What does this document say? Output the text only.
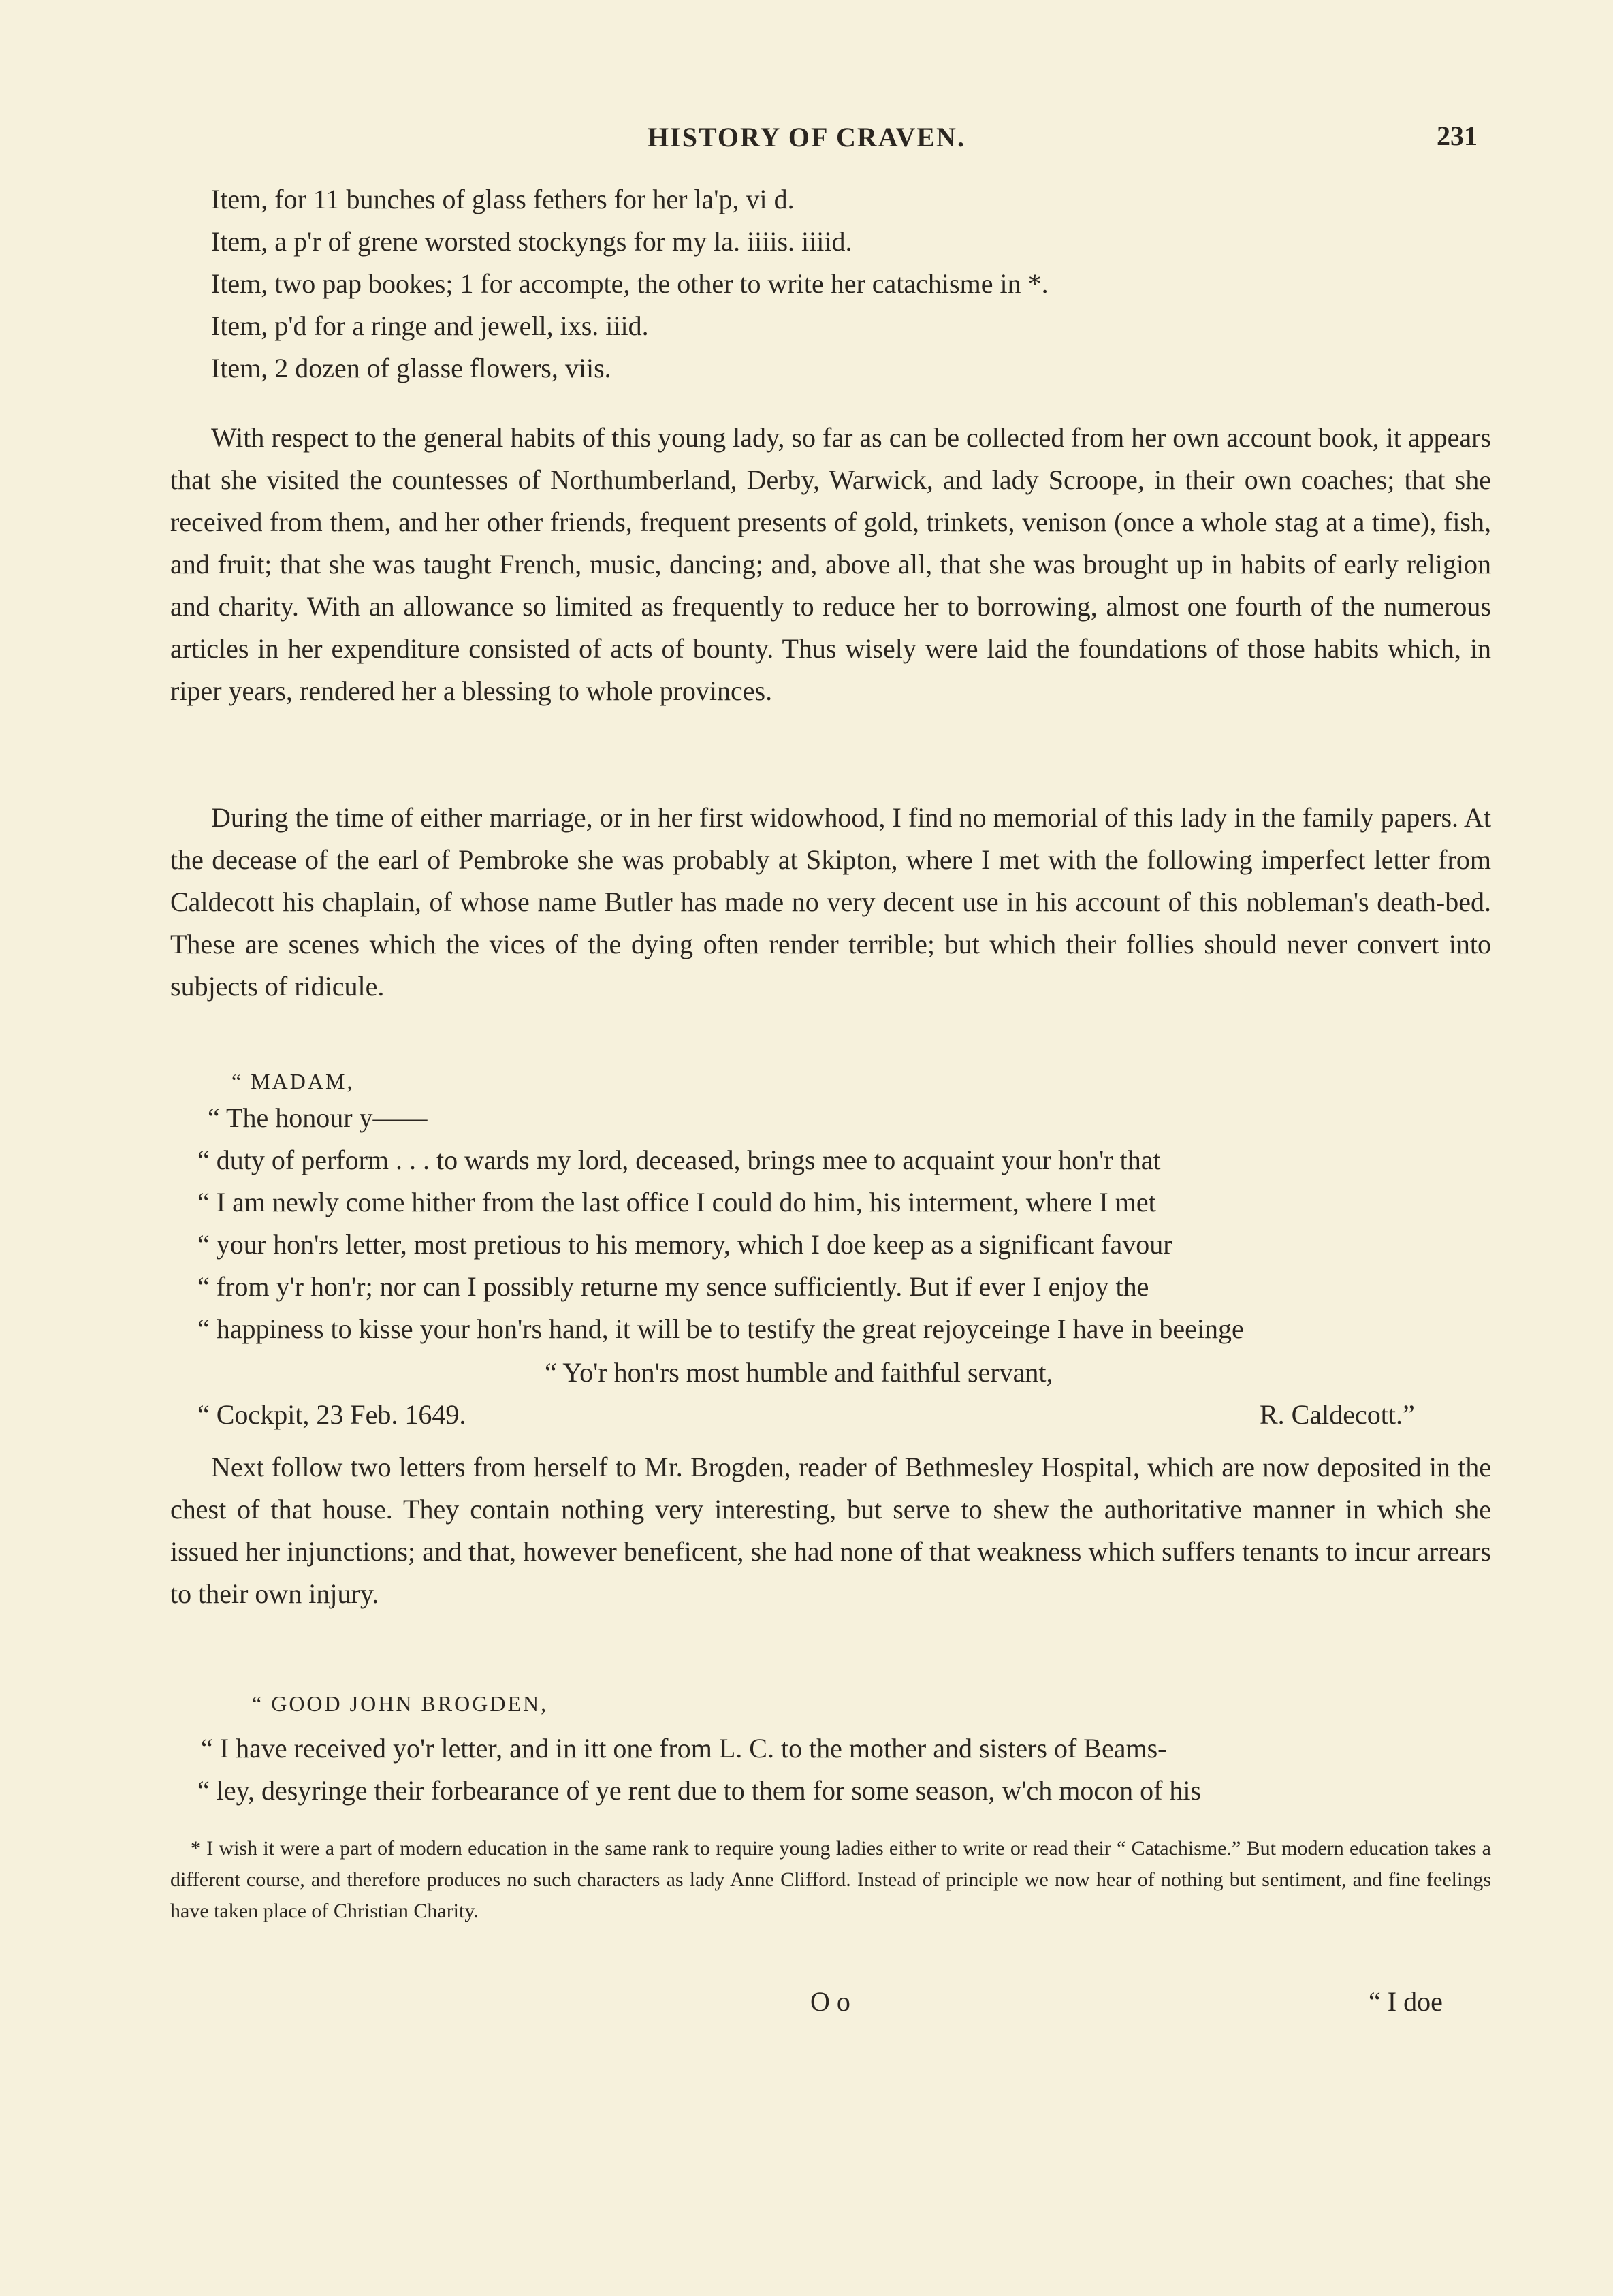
HISTORY OF CRAVEN.	231
Item, for 11 bunches of glass fethers for her la'p, vi d.
Item, a p'r of grene worsted stockyngs for my la. iiiis. iiiid.
Item, two pap bookes; 1 for accompte, the other to write her catachisme in *.
Item, p'd for a ringe and jewell, ixs. iiid.
Item, 2 dozen of glasse flowers, viis.

With respect to the general habits of this young lady, so far as can be collected from her own account book, it appears that she visited the countesses of Northumberland, Derby, Warwick, and lady Scroope, in their own coaches; that she received from them, and her other friends, frequent presents of gold, trinkets, venison (once a whole stag at a time), fish, and fruit; that she was taught French, music, dancing; and, above all, that she was brought up in habits of early religion and charity. With an allowance so limited as frequently to reduce her to borrowing, almost one fourth of the numerous articles in her expenditure consisted of acts of bounty. Thus wisely were laid the foundations of those habits which, in riper years, rendered her a blessing to whole provinces.

During the time of either marriage, or in her first widowhood, I find no memorial of this lady in the family papers. At the decease of the earl of Pembroke she was probably at Skipton, where I met with the following imperfect letter from Caldecott his chaplain, of whose name Butler has made no very decent use in his account of this nobleman's death-bed. These are scenes which the vices of the dying often render terrible; but which their follies should never convert into subjects of ridicule.

“ MADAM,
“ The honour y——
“ duty of perform . . . to wards my lord, deceased, brings mee to acquaint your hon'r that
“ I am newly come hither from the last office I could do him, his interment, where I met
“ your hon'rs letter, most pretious to his memory, which I doe keep as a significant favour
“ from y'r hon'r; nor can I possibly returne my sence sufficiently. But if ever I enjoy the
“ happiness to kisse your hon'rs hand, it will be to testify the great rejoyceinge I have in beeinge
“ Yo'r hon'rs most humble and faithful servant,
“ Cockpit, 23 Feb. 1649.	R. Caldecott.”

Next follow two letters from herself to Mr. Brogden, reader of Bethmesley Hospital, which are now deposited in the chest of that house. They contain nothing very interesting, but serve to shew the authoritative manner in which she issued her injunctions; and that, however beneficent, she had none of that weakness which suffers tenants to incur arrears to their own injury.

“ GOOD JOHN BROGDEN,
“ I have received yo'r letter, and in itt one from L. C. to the mother and sisters of Beams-
“ ley, desyringe their forbearance of ye rent due to them for some season, w'ch mocon of his
* I wish it were a part of modern education in the same rank to require young ladies either to write or read their “ Catachisme.” But modern education takes a different course, and therefore produces no such characters as lady Anne Clifford. Instead of principle we now hear of nothing but sentiment, and fine feelings have taken place of Christian Charity.
O o	“ I doe
